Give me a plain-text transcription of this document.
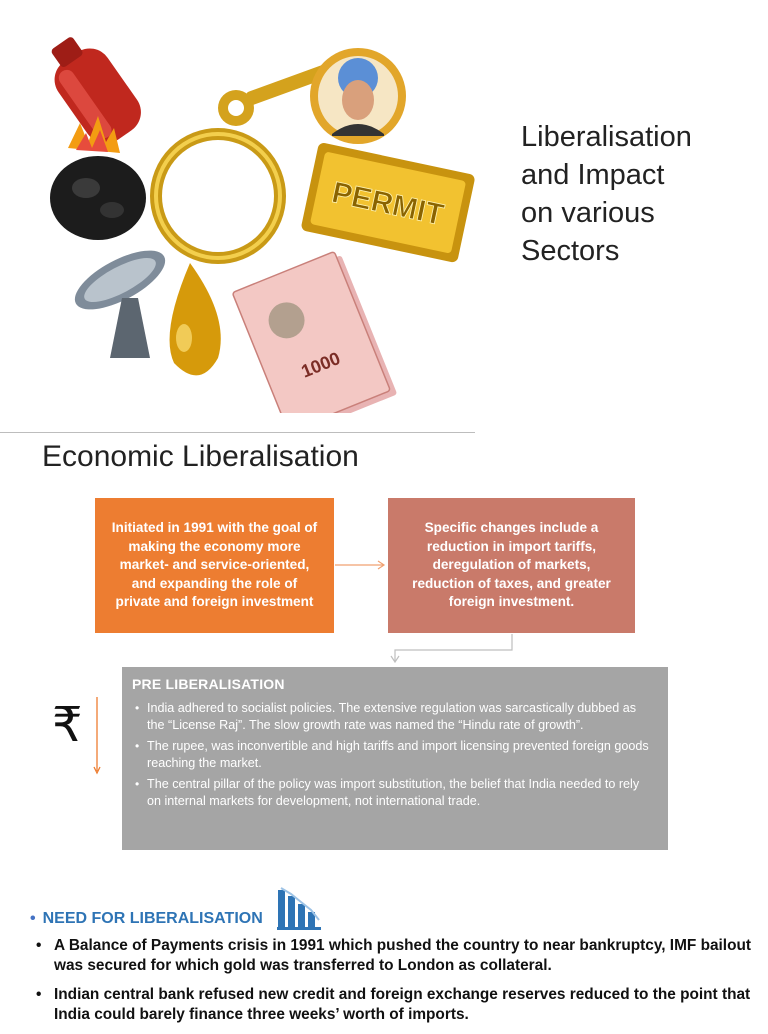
PERMIT
1000
Liberalisation
and Impact
on various
Sectors
Economic Liberalisation
Initiated in 1991 with the goal of making the economy more market- and service-oriented, and expanding the role of private and foreign investment
Specific changes include a reduction in import tariffs, deregulation of markets, reduction of taxes, and greater foreign investment.
₹
PRE LIBERALISATION
• India adhered to socialist policies. The extensive regulation was sarcastically dubbed as the “License Raj”. The slow growth rate was named the “Hindu rate of growth”.
• The rupee, was inconvertible and high tariffs and import licensing prevented foreign goods reaching the market.
• The central pillar of the policy was import substitution, the belief that India needed to rely on internal markets for development, not international trade.
• NEED FOR LIBERALISATION
• A Balance of Payments crisis in 1991 which pushed the country to near bankruptcy, IMF bailout was secured for which gold was transferred to London as collateral.
• Indian central bank refused new credit and foreign exchange reserves reduced to the point that India could barely finance three weeks’ worth of imports.
